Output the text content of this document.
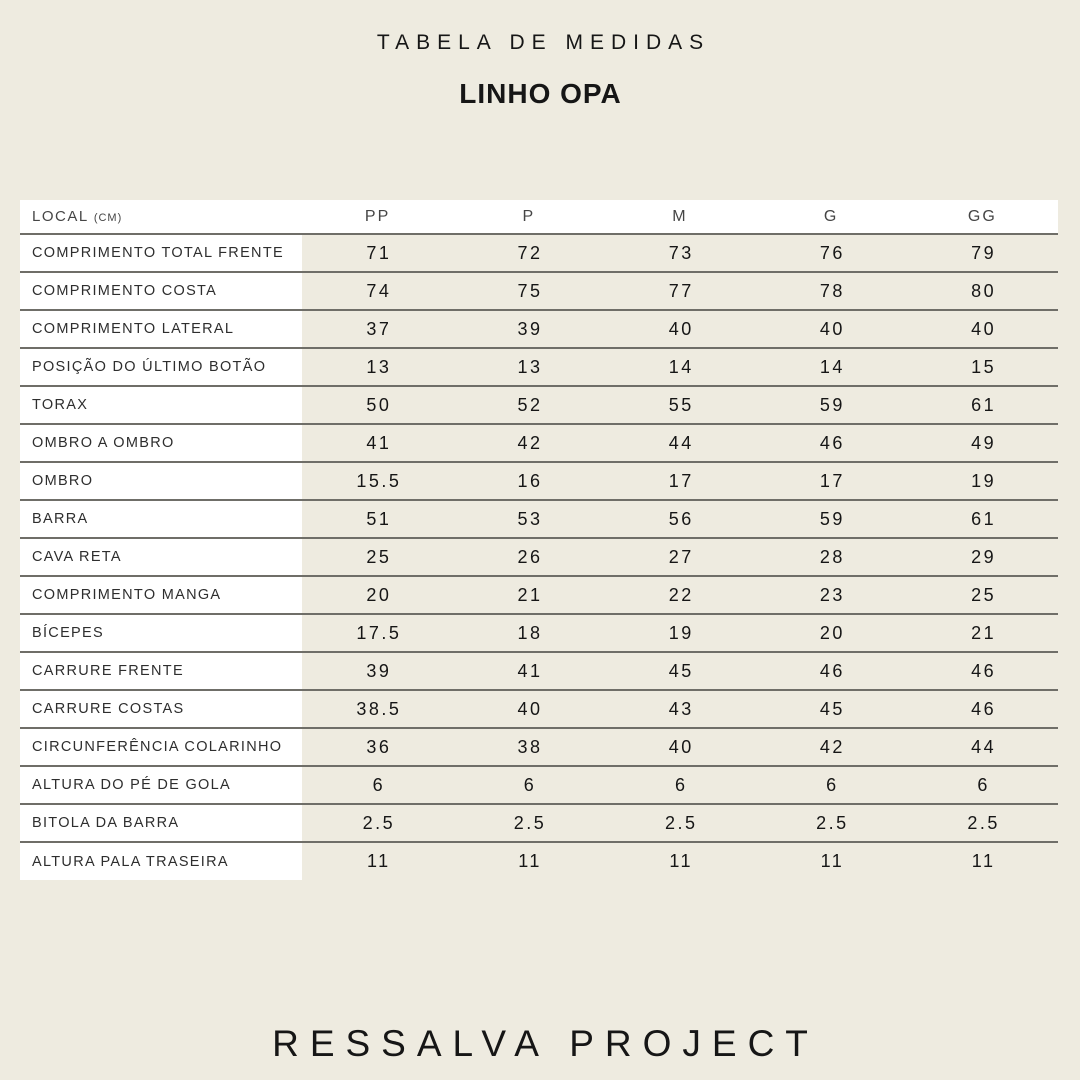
TABELA DE MEDIDAS
LINHO OPA
LOCAL (CM)	PP	P	M	G	GG
COMPRIMENTO TOTAL FRENTE	71	72	73	76	79
COMPRIMENTO COSTA	74	75	77	78	80
COMPRIMENTO LATERAL	37	39	40	40	40
POSIÇÃO DO ÚLTIMO BOTÃO	13	13	14	14	15
TORAX	50	52	55	59	61
OMBRO A OMBRO	41	42	44	46	49
OMBRO	15.5	16	17	17	19
BARRA	51	53	56	59	61
CAVA RETA	25	26	27	28	29
COMPRIMENTO MANGA	20	21	22	23	25
BÍCEPES	17.5	18	19	20	21
CARRURE FRENTE	39	41	45	46	46
CARRURE COSTAS	38.5	40	43	45	46
CIRCUNFERÊNCIA COLARINHO	36	38	40	42	44
ALTURA DO PÉ DE GOLA	6	6	6	6	6
BITOLA DA BARRA	2.5	2.5	2.5	2.5	2.5
ALTURA PALA TRASEIRA	11	11	11	11	11
RESSALVA PROJECT
